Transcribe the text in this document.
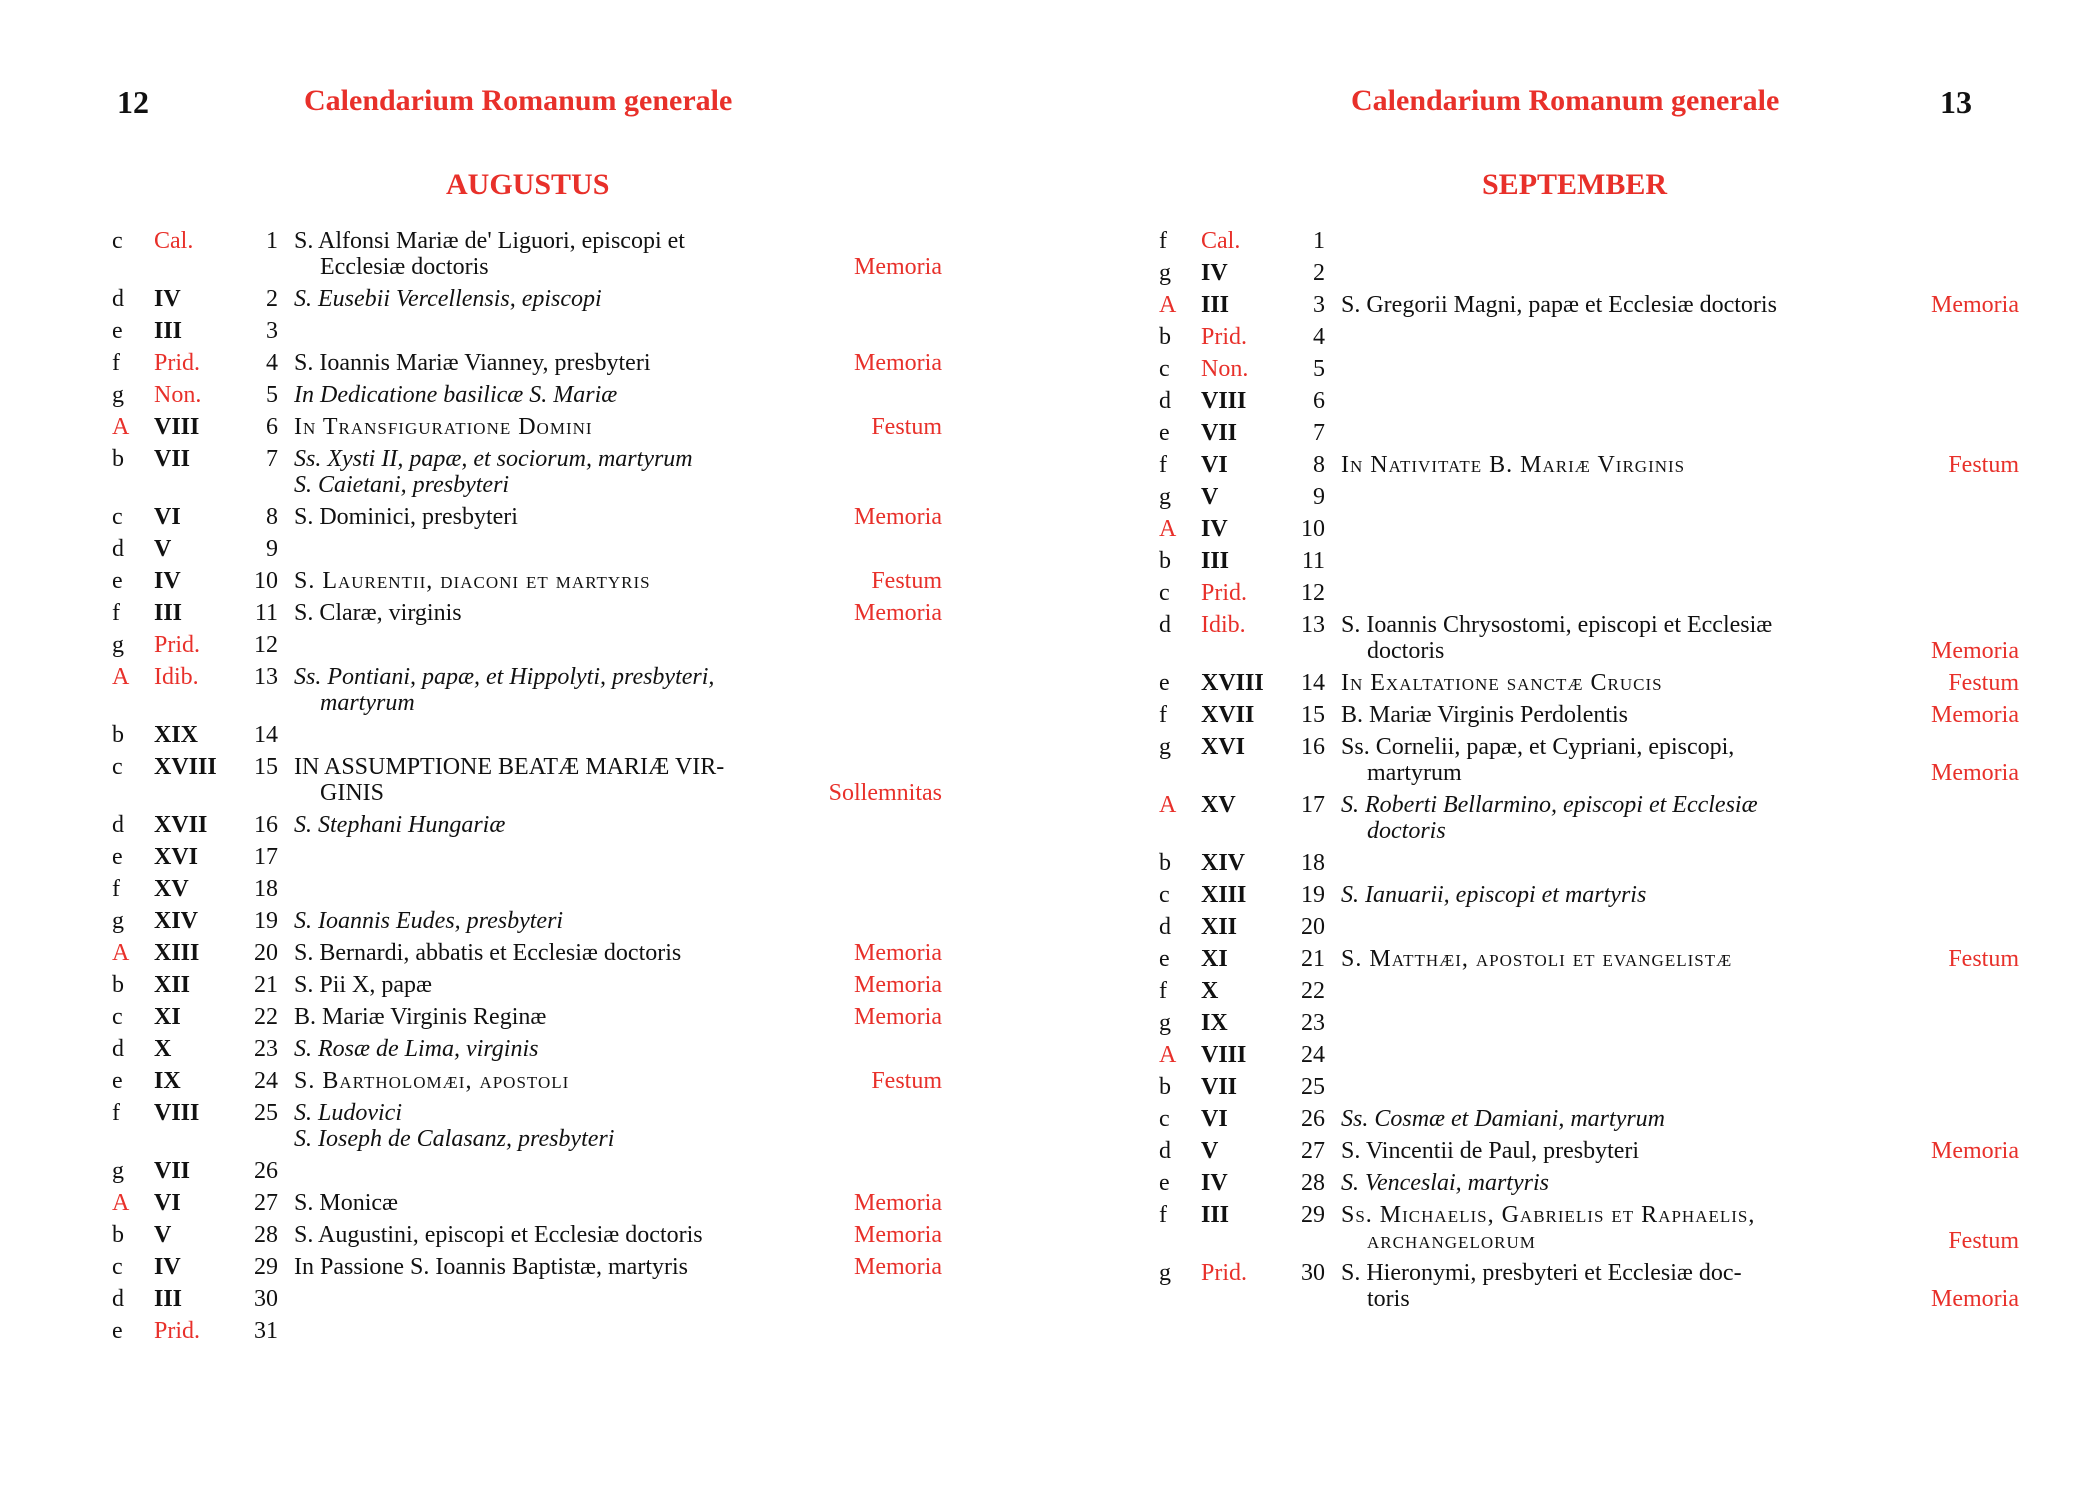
12	Calendarium Romanum generale
AUGUSTUS
c	Cal.	1 S. Alfonsi Mariæ de' Liguori, episcopi et
Ecclesiæ doctoris	Memoria
d	IV	2 S. Eusebii Vercellensis, episcopi
e	III	3
f	Prid.	4 S. Ioannis Mariæ Vianney, presbyteri	Memoria
g	Non.	5 In Dedicatione basilicæ S. Mariæ
A	VIII	6 In Transfiguratione Domini	Festum
b	VII	7 Ss. Xysti II, papæ, et sociorum, martyrum
S. Caietani, presbyteri
c	VI	8 S. Dominici, presbyteri	Memoria
d	V	9
e	IV	10 S. Laurentii, diaconi et martyris	Festum
f	III	11 S. Claræ, virginis	Memoria
g	Prid.	12
A	Idib.	13 Ss. Pontiani, papæ, et Hippolyti, presbyteri,
martyrum
b	XIX	14
c	XVIII	15 IN ASSUMPTIONE BEATÆ MARIÆ VIR-
GINIS	Sollemnitas
d	XVII	16 S. Stephani Hungariæ
e	XVI	17
f	XV	18
g	XIV	19 S. Ioannis Eudes, presbyteri
A	XIII	20 S. Bernardi, abbatis et Ecclesiæ doctoris	Memoria
b	XII	21 S. Pii X, papæ	Memoria
c	XI	22 B. Mariæ Virginis Reginæ	Memoria
d	X	23 S. Rosæ de Lima, virginis
e	IX	24 S. Bartholomæi, apostoli	Festum
f	VIII	25 S. Ludovici
S. Ioseph de Calasanz, presbyteri
g	VII	26
A	VI	27 S. Monicæ	Memoria
b	V	28 S. Augustini, episcopi et Ecclesiæ doctoris	Memoria
c	IV	29 In Passione S. Ioannis Baptistæ, martyris	Memoria
d	III	30
e	Prid.	31
Calendarium Romanum generale	13
SEPTEMBER
f	Cal.	1
g	IV	2
A	III	3 S. Gregorii Magni, papæ et Ecclesiæ doctoris	Memoria
b	Prid.	4
c	Non.	5
d	VIII	6
e	VII	7
f	VI	8 In Nativitate B. Mariæ Virginis	Festum
g	V	9
A	IV	10
b	III	11
c	Prid.	12
d	Idib.	13 S. Ioannis Chrysostomi, episcopi et Ecclesiæ
doctoris	Memoria
e	XVIII	14 In Exaltatione sanctæ Crucis	Festum
f	XVII	15 B. Mariæ Virginis Perdolentis	Memoria
g	XVI	16 Ss. Cornelii, papæ, et Cypriani, episcopi,
martyrum	Memoria
A	XV	17 S. Roberti Bellarmino, episcopi et Ecclesiæ
doctoris
b	XIV	18
c	XIII	19 S. Ianuarii, episcopi et martyris
d	XII	20
e	XI	21 S. Matthæi, apostoli et evangelistæ	Festum
f	X	22
g	IX	23
A	VIII	24
b	VII	25
c	VI	26 Ss. Cosmæ et Damiani, martyrum
d	V	27 S. Vincentii de Paul, presbyteri	Memoria
e	IV	28 S. Venceslai, martyris
f	III	29 Ss. Michaelis, Gabrielis et Raphaelis,
archangelorum	Festum
g	Prid.	30 S. Hieronymi, presbyteri et Ecclesiæ doc-
toris	Memoria
